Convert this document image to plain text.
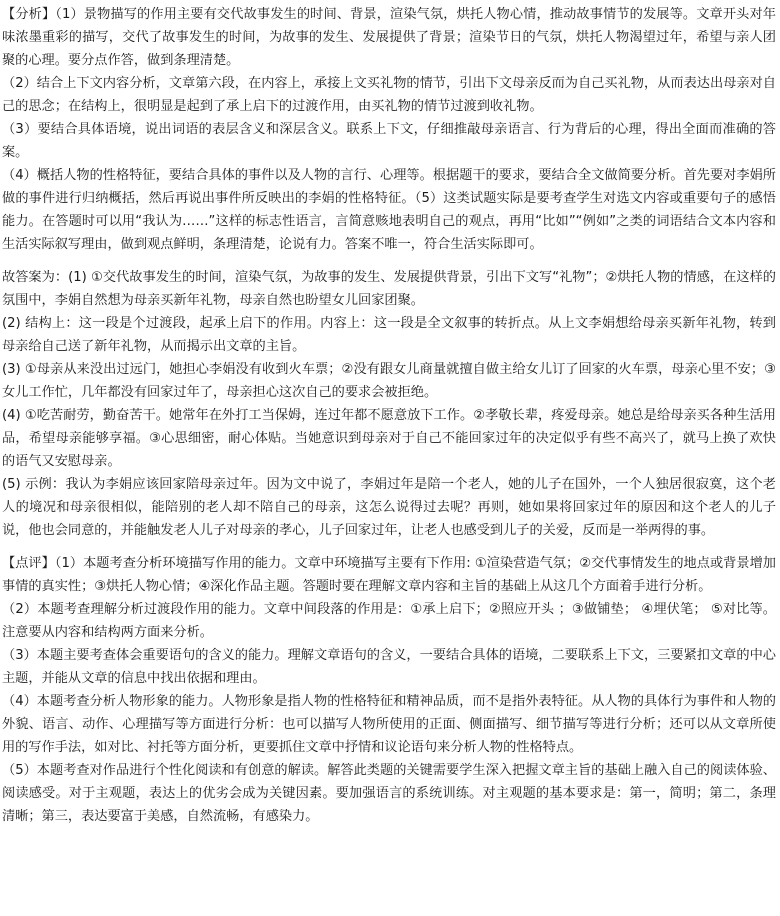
【分析】（1）景物描写的作用主要有交代故事发生的时间、背景，渲染气氛，烘托人物心情，推动故事情节的发展等。文章开头对年味浓墨重彩的描写，交代了故事发生的时间，为故事的发生、发展提供了背景；渲染节日的气氛，烘托人物渴望过年，希望与亲人团聚的心理。要分点作答，做到条理清楚。

（2）结合上下文内容分析，文章第六段，在内容上，承接上文买礼物的情节，引出下文母亲反而为自己买礼物，从而表达出母亲对自己的思念；在结构上，很明显是起到了承上启下的过渡作用，由买礼物的情节过渡到收礼物。

（3）要结合具体语境，说出词语的表层含义和深层含义。联系上下文，仔细推敲母亲语言、行为背后的心理，得出全面而准确的答案。

（4）概括人物的性格特征，要结合具体的事件以及人物的言行、心理等。根据题干的要求，要结合全文做简要分析。首先要对李娟所做的事件进行归纳概括，然后再说出事件所反映出的李娟的性格特征。（5）这类试题实际是要考查学生对选文内容或重要句子的感悟能力。在答题时可以用“我认为……”这样的标志性语言，言简意赅地表明自己的观点，再用“比如”“例如”之类的词语结合文本内容和生活实际叙写理由，做到观点鲜明，条理清楚，论说有力。答案不唯一，符合生活实际即可。

故答案为：(1) ①交代故事发生的时间，渲染气氛，为故事的发生、发展提供背景，引出下文写“礼物”；②烘托人物的情感，在这样的氛围中，李娟自然想为母亲买新年礼物，母亲自然也盼望女儿回家团聚。

(2) 结构上：这一段是个过渡段，起承上启下的作用。内容上：这一段是全文叙事的转折点。从上文李娟想给母亲买新年礼物，转到母亲给自己送了新年礼物，从而揭示出文章的主旨。

(3) ①母亲从来没出过远门，她担心李娟没有收到火车票；②没有跟女儿商量就擅自做主给女儿订了回家的火车票，母亲心里不安；③女儿工作忙，几年都没有回家过年了，母亲担心这次自己的要求会被拒绝。

(4) ①吃苦耐劳，勤奋苦干。她常年在外打工当保姆，连过年都不愿意放下工作。②孝敬长辈，疼爱母亲。她总是给母亲买各种生活用品，希望母亲能够享福。③心思细密，耐心体贴。当她意识到母亲对于自己不能回家过年的决定似乎有些不高兴了，就马上换了欢快的语气又安慰母亲。

(5) 示例：我认为李娟应该回家陪母亲过年。因为文中说了，李娟过年是陪一个老人，她的儿子在国外，一个人独居很寂寞，这个老人的境况和母亲很相似，能陪别的老人却不陪自己的母亲，这怎么说得过去呢？再则，她如果将回家过年的原因和这个老人的儿子说，他也会同意的，并能触发老人儿子对母亲的孝心，儿子回家过年，让老人也感受到儿子的关爱，反而是一举两得的事。

【点评】（1）本题考查分析环境描写作用的能力。文章中环境描写主要有下作用: ①渲染营造气氛；②交代事情发生的地点或背景增加事情的真实性；③烘托人物心情；④深化作品主题。答题时要在理解文章内容和主旨的基础上从这几个方面着手进行分析。

（2）本题考查理解分析过渡段作用的能力。文章中间段落的作用是：①承上启下；②照应开头 ；③做铺垫； ④埋伏笔； ⑤对比等。注意要从内容和结构两方面来分析。

（3）本题主要考查体会重要语句的含义的能力。理解文章语句的含义，一要结合具体的语境，二要联系上下文，三要紧扣文章的中心主题，并能从文章的信息中找出依据和理由。

（4）本题考查分析人物形象的能力。人物形象是指人物的性格特征和精神品质，而不是指外表特征。从人物的具体行为事件和人物的外貌、语言、动作、心理描写等方面进行分析：也可以描写人物所使用的正面、侧面描写、细节描写等进行分析；还可以从文章所使用的写作手法，如对比、衬托等方面分析，更要抓住文章中抒情和议论语句来分析人物的性格特点。

（5）本题考查对作品进行个性化阅读和有创意的解读。解答此类题的关键需要学生深入把握文章主旨的基础上融入自己的阅读体验、阅读感受。对于主观题，表达上的优劣会成为关键因素。要加强语言的系统训练。对主观题的基本要求是：第一，简明；第二，条理清晰；第三，表达要富于美感，自然流畅，有感染力。
